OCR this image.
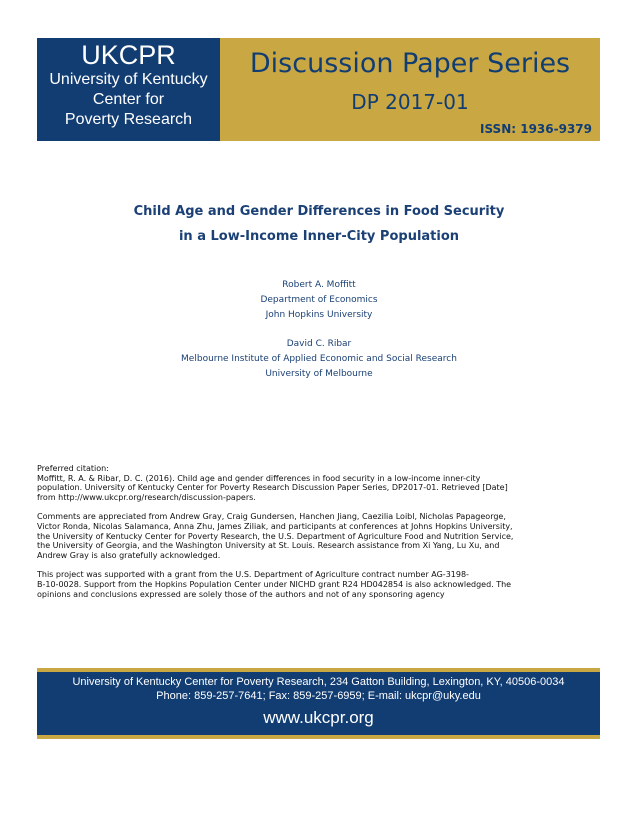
UKCPR
University of Kentucky
Center for
Poverty Research
Discussion Paper Series
DP 2017-01
ISSN: 1936-9379
Child Age and Gender Differences in Food Security
in a Low-Income Inner-City Population
Robert A. Moffitt
Department of Economics
John Hopkins University
David C. Ribar
Melbourne Institute of Applied Economic and Social Research
University of Melbourne
Preferred citation:
Moffitt, R. A. & Ribar, D. C. (2016). Child age and gender differences in food security in a low-income inner-city
population. University of Kentucky Center for Poverty Research Discussion Paper Series, DP2017-01. Retrieved [Date]
from http://www.ukcpr.org/research/discussion-papers.
Comments are appreciated from Andrew Gray, Craig Gundersen, Hanchen Jiang, Caezilia Loibl, Nicholas Papageorge,
Victor Ronda, Nicolas Salamanca, Anna Zhu, James Ziliak, and participants at conferences at Johns Hopkins University,
the University of Kentucky Center for Poverty Research, the U.S. Department of Agriculture Food and Nutrition Service,
the University of Georgia, and the Washington University at St. Louis. Research assistance from Xi Yang, Lu Xu, and
Andrew Gray is also gratefully acknowledged.
This project was supported with a grant from the U.S. Department of Agriculture contract number AG-3198-
B-10-0028. Support from the Hopkins Population Center under NICHD grant R24 HD042854 is also acknowledged. The
opinions and conclusions expressed are solely those of the authors and not of any sponsoring agency
University of Kentucky Center for Poverty Research, 234 Gatton Building, Lexington, KY, 40506-0034
Phone: 859-257-7641; Fax: 859-257-6959; E-mail: ukcpr@uky.edu
www.ukcpr.org
